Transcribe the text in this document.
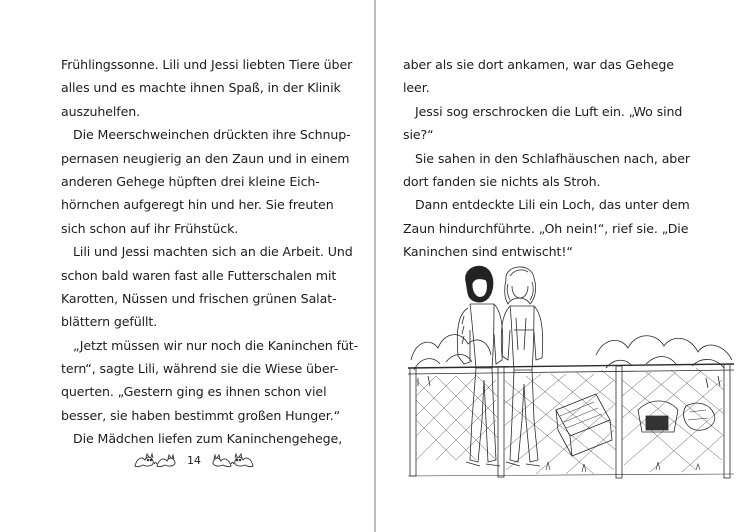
Frühlingssonne. Lili und Jessi liebten Tiere über
alles und es machte ihnen Spaß, in der Klinik
auszuhelfen.
Die Meerschweinchen drückten ihre Schnup-
pernasen neugierig an den Zaun und in einem
anderen Gehege hüpften drei kleine Eich-
hörnchen aufgeregt hin und her. Sie freuten
sich schon auf ihr Frühstück.
Lili und Jessi machten sich an die Arbeit. Und
schon bald waren fast alle Futterschalen mit
Karotten, Nüssen und frischen grünen Salat-
blättern gefüllt.
„Jetzt müssen wir nur noch die Kaninchen füt-
tern“, sagte Lili, während sie die Wiese über-
querten. „Gestern ging es ihnen schon viel
besser, sie haben bestimmt großen Hunger.“
Die Mädchen liefen zum Kaninchengehege,
14
aber als sie dort ankamen, war das Gehege
leer.
Jessi sog erschrocken die Luft ein. „Wo sind
sie?“
Sie sahen in den Schlafhäuschen nach, aber
dort fanden sie nichts als Stroh.
Dann entdeckte Lili ein Loch, das unter dem
Zaun hindurchführte. „Oh nein!“, rief sie. „Die
Kaninchen sind entwischt!“
